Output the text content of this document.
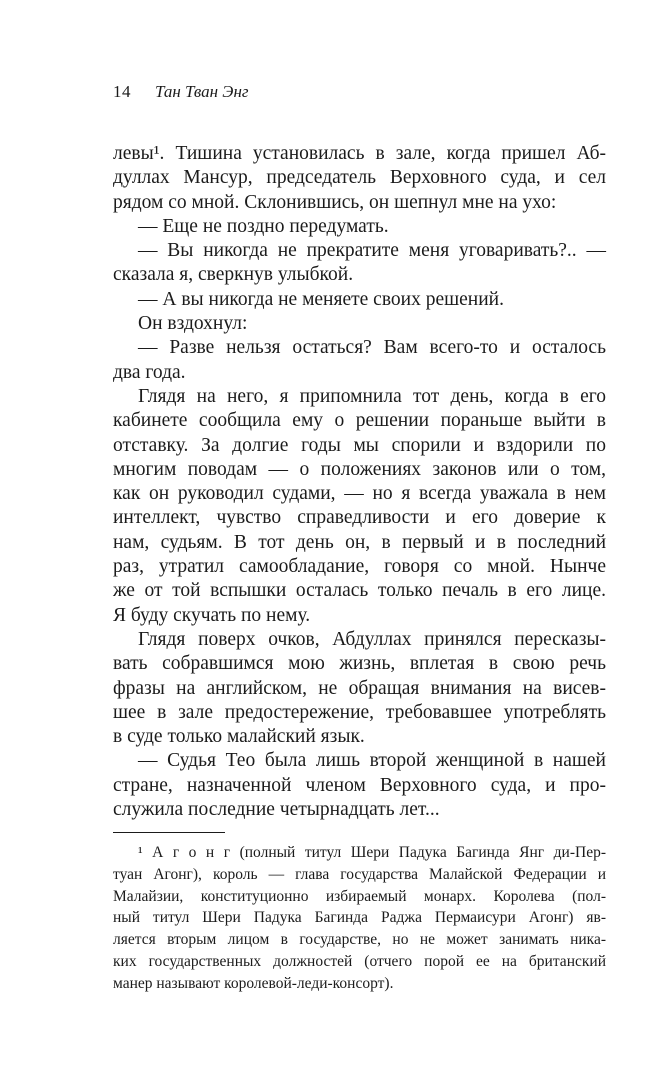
14 Тан Тван Энг
левы¹. Тишина установилась в зале, когда пришел Аб-
дуллах Мансур, председатель Верховного суда, и сел
рядом со мной. Склонившись, он шепнул мне на ухо:
— Еще не поздно передумать.
— Вы никогда не прекратите меня уговаривать?.. —
сказала я, сверкнув улыбкой.
— А вы никогда не меняете своих решений.
Он вздохнул:
— Разве нельзя остаться? Вам всего-то и осталось
два года.
Глядя на него, я припомнила тот день, когда в его
кабинете сообщила ему о решении пораньше выйти в
отставку. За долгие годы мы спорили и вздорили по
многим поводам — о положениях законов или о том,
как он руководил судами, — но я всегда уважала в нем
интеллект, чувство справедливости и его доверие к
нам, судьям. В тот день он, в первый и в последний
раз, утратил самообладание, говоря со мной. Нынче
же от той вспышки осталась только печаль в его лице.
Я буду скучать по нему.
Глядя поверх очков, Абдуллах принялся пересказы-
вать собравшимся мою жизнь, вплетая в свою речь
фразы на английском, не обращая внимания на висев-
шее в зале предостережение, требовавшее употреблять
в суде только малайский язык.
— Судья Тео была лишь второй женщиной в нашей
стране, назначенной членом Верховного суда, и про-
служила последние четырнадцать лет...
¹ А г о н г (полный титул Шери Падука Багинда Янг ди-Пер-
туан Агонг), король — глава государства Малайской Федерации и
Малайзии, конституционно избираемый монарх. Королева (пол-
ный титул Шери Падука Багинда Раджа Пермаисури Агонг) яв-
ляется вторым лицом в государстве, но не может занимать ника-
ких государственных должностей (отчего порой ее на британский
манер называют королевой-леди-консорт).
